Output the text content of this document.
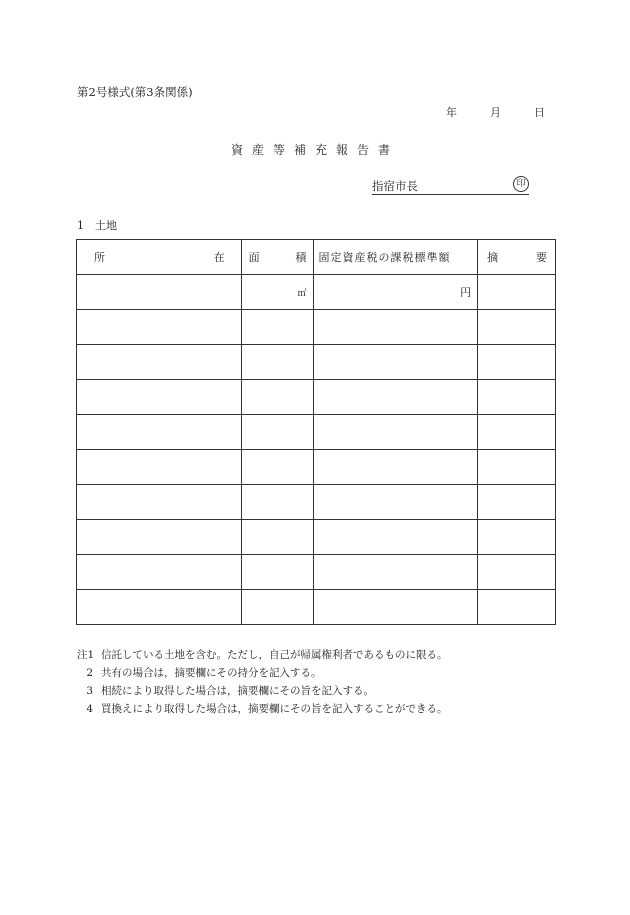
第2号様式(第3条関係)
年	月	日
資産等補充報告書
指宿市長	印
1　土地
所 在	面 積	固定資産税の課税標準額	摘 要

	㎡	円	

注1 信託している土地を含む。ただし，自己が帰属権利者であるものに限る。
2 共有の場合は，摘要欄にその持分を記入する。
3 相続により取得した場合は，摘要欄にその旨を記入する。
4 買換えにより取得した場合は，摘要欄にその旨を記入することができる。
